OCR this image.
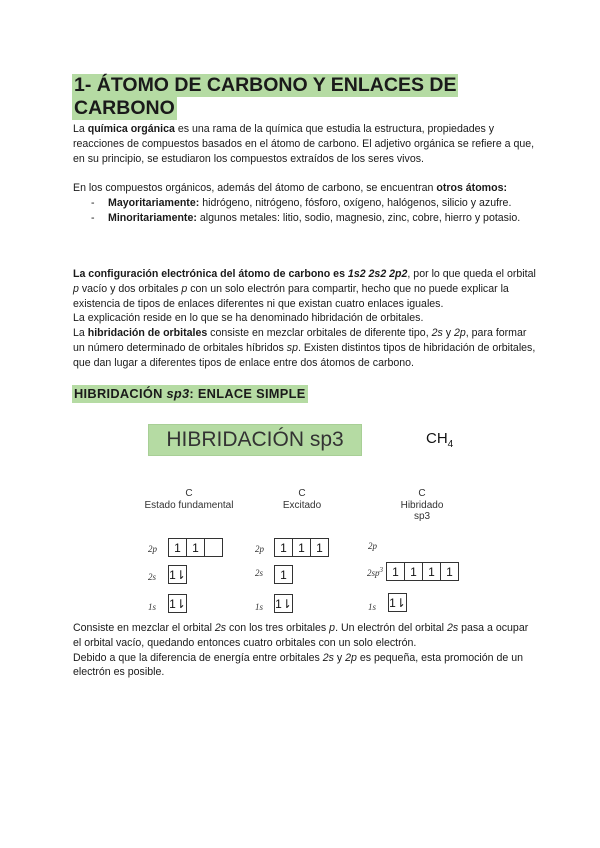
1- ÁTOMO DE CARBONO Y ENLACES DE
CARBONO

La química orgánica es una rama de la química que estudia la estructura, propiedades y reacciones de compuestos basados en el átomo de carbono. El adjetivo orgánica se refiere a que, en su principio, se estudiaron los compuestos extraídos de los seres vivos.

En los compuestos orgánicos, además del átomo de carbono, se encuentran otros átomos:

- Mayoritariamente: hidrógeno, nitrógeno, fósforo, oxígeno, halógenos, silicio y azufre.
- Minoritariamente: algunos metales: litio, sodio, magnesio, zinc, cobre, hierro y potasio.

La configuración electrónica del átomo de carbono es 1s2 2s2 2p2, por lo que queda el orbital p vacío y dos orbitales p con un solo electrón para compartir, hecho que no puede explicar la existencia de tipos de enlaces diferentes ni que existan cuatro enlaces iguales.

La explicación reside en lo que se ha denominado hibridación de orbitales.

La hibridación de orbitales consiste en mezclar orbitales de diferente tipo, 2s y 2p, para formar un número determinado de orbitales híbridos sp. Existen distintos tipos de hibridación de orbitales, que dan lugar a diferentes tipos de enlace entre dos átomos de carbono.

HIBRIDACIÓN sp3: ENLACE SIMPLE
HIBRIDACIÓN sp3	$CH_4$
C
Estado fundamental
C
Excitado
C
Hibridado
sp3
2p	1 1
2s 1⇂
1s 1⇂
2p	1 1 1
2s	1
1s 1⇂
2p
$2sp^3$ 1 1 1 1
1s 1⇂

Consiste en mezclar el orbital 2s con los tres orbitales p. Un electrón del orbital 2s pasa a ocupar el orbital vacío, quedando entonces cuatro orbitales con un solo electrón.

Debido a que la diferencia de energía entre orbitales 2s y 2p es pequeña, esta promoción de un electrón es posible.
